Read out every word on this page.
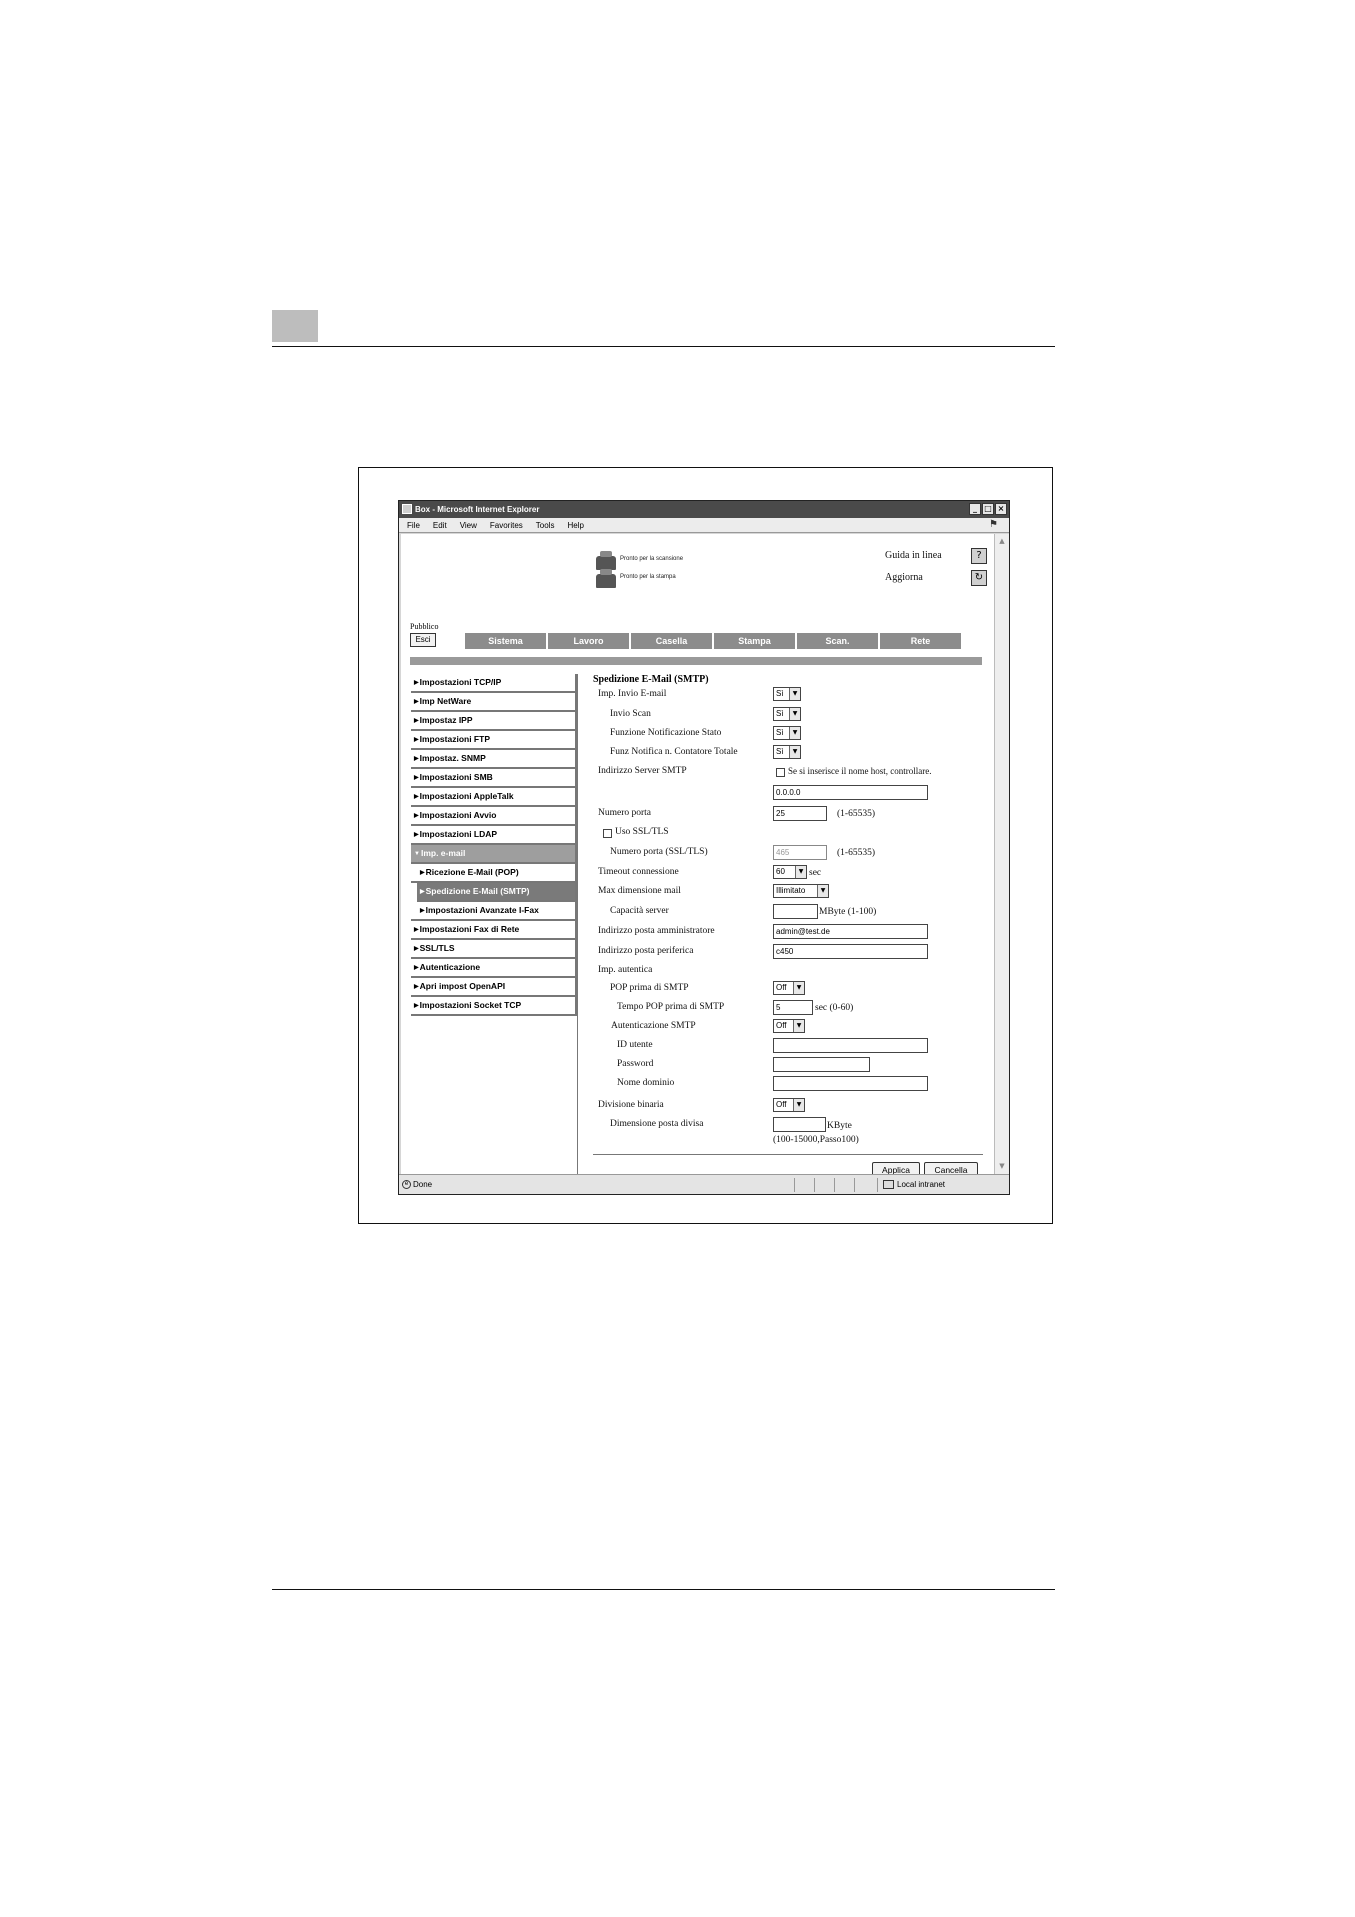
Box - Microsoft Internet Explorer	_ □ ×
File Edit View Favorites Tools Help	⚑
Pronto per la scansione
Pronto per la stampa
Guida in linea	?
Aggiorna	↻
Pubblico
Esci	Sistema	Lavoro	Casella	Stampa	Scan.	Rete
▶Impostazioni TCP/IP
▶Imp NetWare
▶Impostaz IPP
▶Impostazioni FTP
▶Impostaz. SNMP
▶Impostazioni SMB
▶Impostazioni AppleTalk
▶Impostazioni Avvio
▶Impostazioni LDAP
▼Imp. e-mail
▶Ricezione E-Mail (POP)
▶Spedizione E-Mail (SMTP)
▶Impostazioni Avanzate I-Fax
▶Impostazioni Fax di Rete
▶SSL/TLS
▶Autenticazione
▶Apri impost OpenAPI
▶Impostazioni Socket TCP
Spedizione E-Mail (SMTP)
Imp. Invio E-mail	Sì	▼
Invio Scan	Sì	▼
Funzione Notificazione Stato	Sì	▼
Funz Notifica n. Contatore Totale	Sì	▼
Indirizzo Server SMTP	Se si inserisce il nome host, controllare.
0.0.0.0
Numero porta	25	(1-65535)
Uso SSL/TLS
Numero porta (SSL/TLS)	465	(1-65535)
Timeout connessione	60	▼ sec
Max dimensione mail	Illimitato	▼
Capacità server	MByte (1-100)
Indirizzo posta amministratore	admin@test.de
Indirizzo posta periferica	c450
Imp. autentica
POP prima di SMTP	Off	▼
Tempo POP prima di SMTP	5	sec (0-60)
Autenticazione SMTP	Off	▼
ID utente
Password
Nome dominio
Divisione binaria	Off	▼
Dimensione posta divisa	KByte
(100-15000,Passo100)
Applica	Cancella
▲
▼
e Done	Local intranet
